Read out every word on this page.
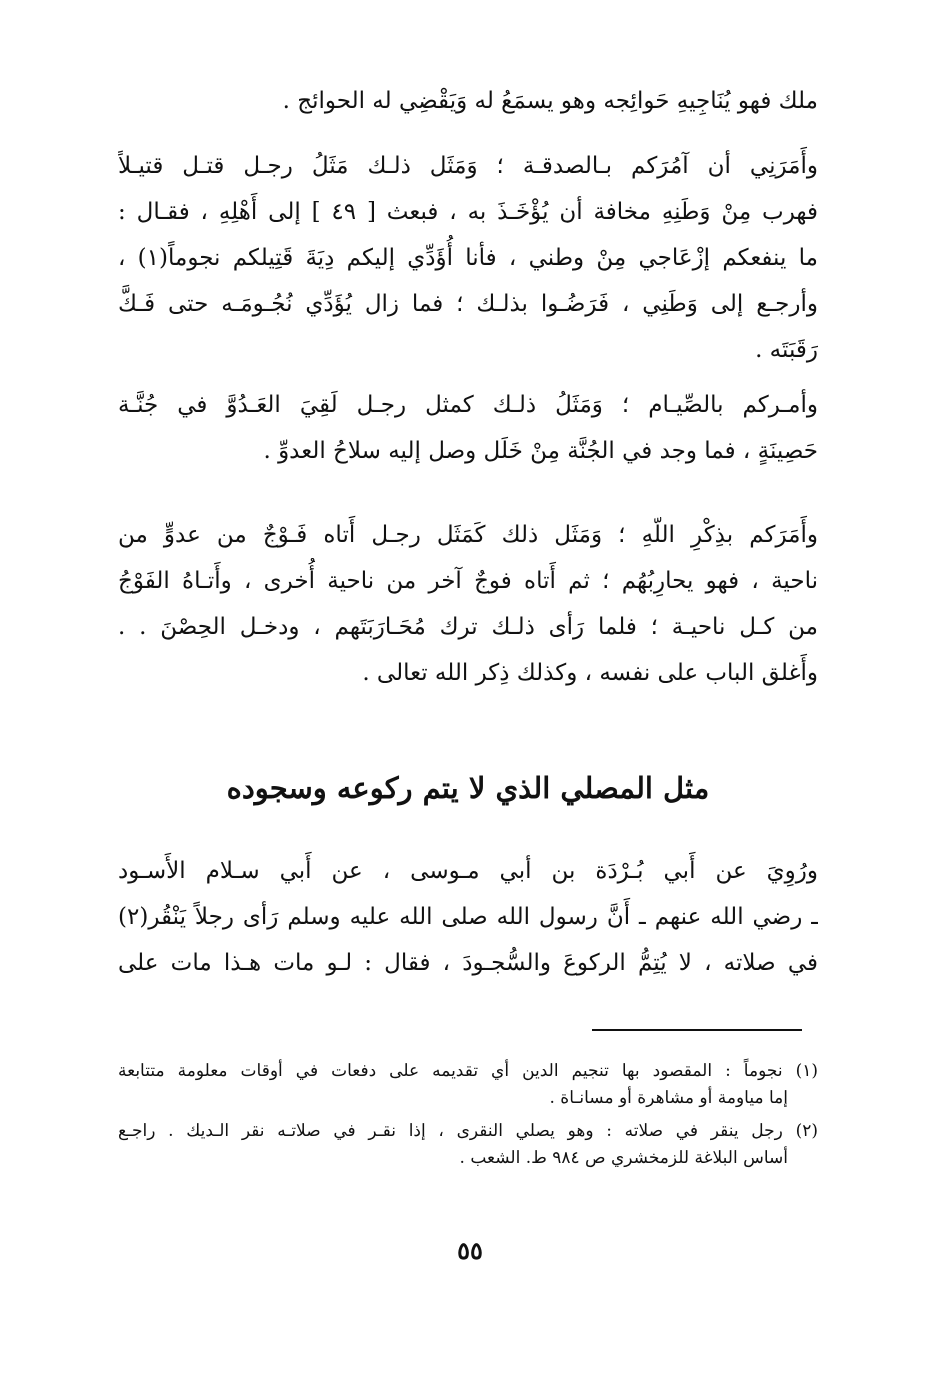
ملك فهو يُنَاجِيهِ حَوائِجه وهو يسمَعُ له وَيَقْضِي له الحوائج .
وأَمَرَنِي أن آمُرَكم بـالصدقـة ؛ وَمَثَل ذلـك مَثَلُ رجـل قتـل قتيـلاً
فهرب مِنْ وَطَنِهِ مخافة أن يُؤْخَـذَ به ، فبعث [ ٤٩ ] إلى أَهْلِهِ ، فقـال :
ما ينفعكم إزْعَاجي مِنْ وطني ، فأنا أُؤَدِّي إليكم دِيَةَ قَتِيلكم نجوماً(١) ،
وأرجـع إلى وَطَنِي ، فَرَضُـوا بذلـك ؛ فما زال يُؤَدِّي نُجُـومَـه حتى فَـكَّ
رَقَبَتَه .
وأمـركم بالصِّيـام ؛ وَمَثَلُ ذلـك كمثل رجـل لَقِيَ العَـدُوَّ في جُنَّـة
حَصِينَةٍ ، فما وجد في الجُنَّة مِنْ خَلَل وصل إليه سلاحُ العدوِّ .
وأَمَرَكم بذِكْرِ اللّهِ ؛ وَمَثَل ذلك كَمَثَل رجـل أَتاه فَـوْجٌ من عدوٍّ من
ناحية ، فهو يحارِبُهُم ؛ ثم أَتاه فوجٌ آخر من ناحية أُخرى ، وأَتـاهُ الفَوْجُ
من كـل ناحيـة ؛ فلما رَأى ذلـك ترك مُحَـارَبَتَهم ، ودخـل الحِصْنَ . .
وأَغلق الباب على نفسه ، وكذلك ذِكر الله تعالى .
مثل المصلي الذي لا يتم ركوعه وسجوده
ورُوِيَ عن أَبي بُـرْدَة بن أبي مـوسى ، عن أَبي سـلام الأَسـود
ـ رضي الله عنهم ـ أَنَّ رسول الله صلى الله عليه وسلم رَأى رجلاً يَنْقُر(٢)
في صلاته ، لا يُتِمُّ الركوعَ والسُّجـودَ ، فقال : لـو مات هـذا مات على
(١) نجوماً : المقصود بها تنجيم الدين أي تقديمه على دفعات في أوقات معلومة متتابعة
إما مياومة أو مشاهرة أو مسانـاة .
(٢) رجل ينقر في صلاته : وهو يصلي النقرى ، إذا نقـر في صلاتـه نقر الـديك . راجـع
أساس البلاغة للزمخشري ص ٩٨٤ ط. الشعب .
٥٥
